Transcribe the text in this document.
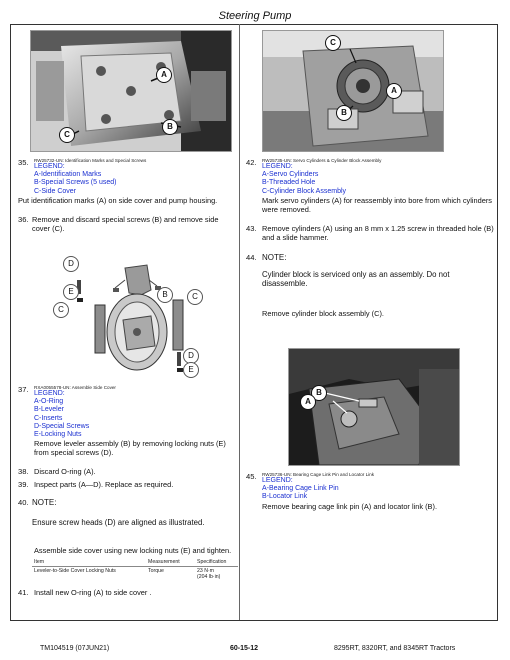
Steering Pump
A
B
C
35. RW25732-UN: Identification Marks and Special Screws
LEGEND:
A-Identification Marks
B-Special Screws (5 used)
C-Side Cover
Put identification marks (A) on side cover and pump housing.
36. Remove and discard special screws (B) and remove side cover (C).
D
E	B	C
C
D
E
37. RXA0055578-UN: Assemble Side Cover
LEGEND:
A-O-Ring
B-Leveler
C-Inserts
D-Special Screws
E-Locking Nuts
Remove leveler assembly (B) by removing locking nuts (E) from special screws (D).
38. Discard O-ring (A).
39. Inspect parts (A—D). Replace as required.
40. NOTE:
Ensure screw heads (D) are aligned as illustrated.
Assemble side cover using new locking nuts (E) and tighten.
Item	Measurement	Specification
Leveler-to-Side Cover Locking Nuts	Torque	23 N·m
(204 lb·in)
41. Install new O-ring (A) to side cover .
C
A
B
42. RW25735-UN: Servo Cylinders & Cylinder Block Assembly
LEGEND:
A-Servo Cylinders
B-Threaded Hole
C-Cylinder Block Assembly
Mark servo cylinders (A) for reassembly into bore from which cylinders were removed.
43. Remove cylinders (A) using an 8 mm x 1.25 screw in threaded hole (B) and a slide hammer.
44. NOTE:
Cylinder block is serviced only as an assembly. Do not disassemble.
Remove cylinder block assembly (C).
B
A
45. RW25736-UN: Bearing Cage Link Pin and Locator Link
LEGEND:
A-Bearing Cage Link Pin
B-Locator Link
Remove bearing cage link pin (A) and locator link (B).
TM104519 (07JUN21)	60-15-12	8295RT, 8320RT, and 8345RT Tractors
